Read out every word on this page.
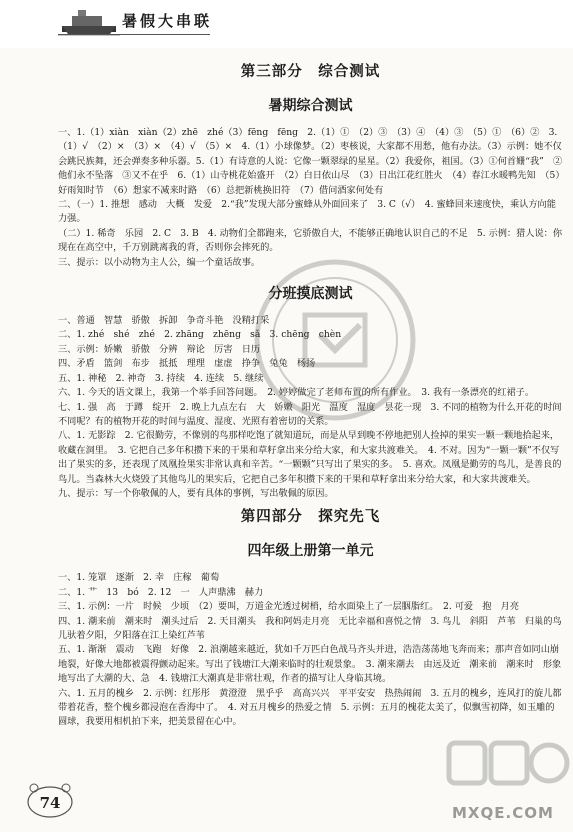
暑假大串联
第三部分　综合测试
暑期综合测试

一、1.（1）xiàn　xiàn（2）zhē　zhé（3）fēng　fēng　2.（1）①　（2）③　（3）④　（4）③　（5）①　（6）②　3.（1）√　（2）×　（3）×　（4）√　（5）×　4.（1）小球像梦。（2）枣核说，大家都不用愁，他有办法。（3）示例：她不仅会跳民族舞，还会弹奏多种乐器。5.（1）有诗意的人说：它像一颗翠绿的星星。（2）我爱你，祖国。（3）①何首姗“我”　②他们永不坠落　③又不在乎　6.（1）山寺桃花始盛开　（2）白日依山尽　（3）日出江花红胜火　（4）春江水暖鸭先知　（5）好雨知时节　（6）想家不减来时路　（6）总把新桃换旧符　（7）借问酒家何处有

二、（一）1. 推想　感动　大概　发爱　2.“我”发现大部分蜜蜂从外面回来了　3. C（√）　4. 蜜蜂回来速度快，乘认方向能力强。

（二）1. 稀奇　乐园　2. C　3. B　4. 动物们全都跑来，它骄傲自大，不能够正确地认识自己的不足　5. 示例：猎人说：你现在在高空中，千万别跳离我的背，否则你会摔死的。

三、提示：以小动物为主人公，编一个童话故事。

分班摸底测试

一、普通　智慧　骄傲　拆卸　争奇斗艳　没精打采

二、1. zhé　shé　zhé　2. zhāng　zhēng　sǎ　3. chēng　chèn

三、示例：娇嫩　骄傲　分辨　辩论　厉害　日历

四、矛盾　篮剑　布步　抵抵　理理　虚虚　挣争　兔兔　杨扬

五、1. 神秘　2. 神奇　3. 持续　4. 连续　5. 继续

六、1. 今天的语文课上，我第一个举手回答问题。　2. 婷婷做完了老师布置的所有作业。　3. 我有一条漂亮的红裙子。

七、1. 强　高　于蹲　绽开　2. 晚上九点左右　大　娇嫩　阳光　温度　湿度　昙花一现　3. 不同的植物为什么开花的时间不同呢？有的植物开花的时间与温度、湿度、光照有着密切的关系。

八、1. 无影踪　2. 它很勤劳，不像别的鸟那样吃饱了就知道玩，而是从早到晚不停地把别人捡掉的果实一颗一颗地拾起来，收藏在洞里。　3. 它把自己多年积攒下来的干果和草籽拿出来分给大家，和大家共渡难关。　4. 不对。因为“一颗一颗”不仅写出了果实的多，还表现了凤凰捡果实非常认真和辛苦。“一颗颗”只写出了果实的多。　5. 喜欢。凤凰是勤劳的鸟儿，是善良的鸟儿。当森林大火烧毁了其他鸟儿的果实后，它把自己多年积攒下来的干果和草籽拿出来分给大家，和大家共渡难关。

九、提示：写一个你敬佩的人，要有具体的事例，写出敬佩的原因。

第四部分　探究先飞
四年级上册第一单元

一、1. 笼罩　逐渐　2. 幸　庄稼　葡萄

二、1. 艹　13　bó　2. 12　一　人声鼎沸　赫力

三、1. 示例：一片　时候　少顷　（2）要叫，万道金光透过树梢，给水面染上了一层胭脂红。　2. 可爱　抱　月亮

四、1. 潮来前　潮来时　潮头过后　2. 天目潮头　我和阿妈走月亮　无比幸福和喜悦之情　3. 鸟儿　斜阳　芦苇　归巢的鸟儿驮着夕阳，夕阳落在江上染红芦苇

五、1. 渐渐　震动　飞跑　好像　2. 浪潮越来越近，犹如千万匹白色战马齐头并进，浩浩荡荡地飞奔而来；那声音如同山崩地裂，好像大地都被震得颤动起来。写出了钱塘江大潮来临时的壮观景象。　3. 潮来潮去　由远及近　潮来前　潮来时　形象地写出了大潮的大、急　4. 钱塘江大潮真是非常壮观，作者的描写让人身临其境。

六、1. 五月的槐乡　2. 示例：红彤彤　黄澄澄　黑乎乎　高高兴兴　平平安安　热热闹闹　3. 五月的槐乡，连风打的旋儿都带着花香，整个槐乡都浸泡在香海中了。　4. 对五月槐乡的热爱之情　5. 示例：五月的槐花太美了，似飘雪初降，如玉雕的圆球，我要用相机拍下来，把美景留在心中。

MXQE.COM
74
